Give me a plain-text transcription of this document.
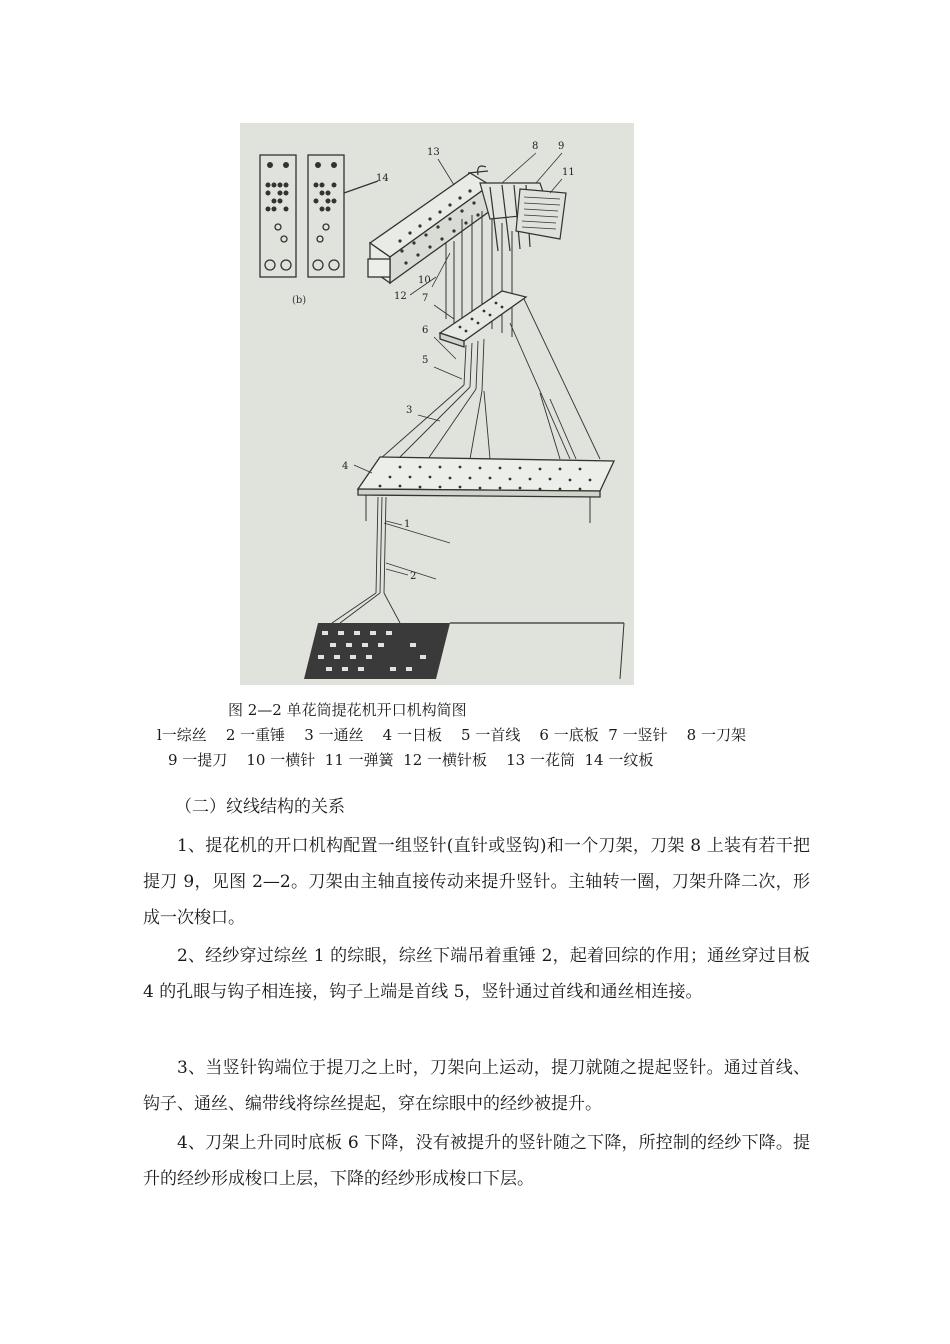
(b)
13
8 9
11
14
10
12 7
6
5
3
4
1
2
图 2—2 单花筒提花机开口机构简图
l一综丝    2 一重锤    3 一通丝    4 一日板    5 一首线    6 一底板  7 一竖针    8 一刀架
9 一提刀    10 一横针  11 一弹簧  12 一横针板    13 一花筒  14 一纹板
（二）纹线结构的关系

1、提花机的开口机构配置一组竖针(直针或竖钩)和一个刀架，刀架 8 上装有若干把提刀 9，见图 2—2。刀架由主轴直接传动来提升竖针。主轴转一圈，刀架升降二次，形成一次梭口。

2、经纱穿过综丝 1 的综眼，综丝下端吊着重锤 2，起着回综的作用；通丝穿过目板 4 的孔眼与钩子相连接，钩子上端是首线 5，竖针通过首线和通丝相连接。

3、当竖针钩端位于提刀之上时，刀架向上运动，提刀就随之提起竖针。通过首线、钩子、通丝、编带线将综丝提起，穿在综眼中的经纱被提升。

4、刀架上升同时底板 6 下降，没有被提升的竖针随之下降，所控制的经纱下降。提升的经纱形成梭口上层，下降的经纱形成梭口下层。
